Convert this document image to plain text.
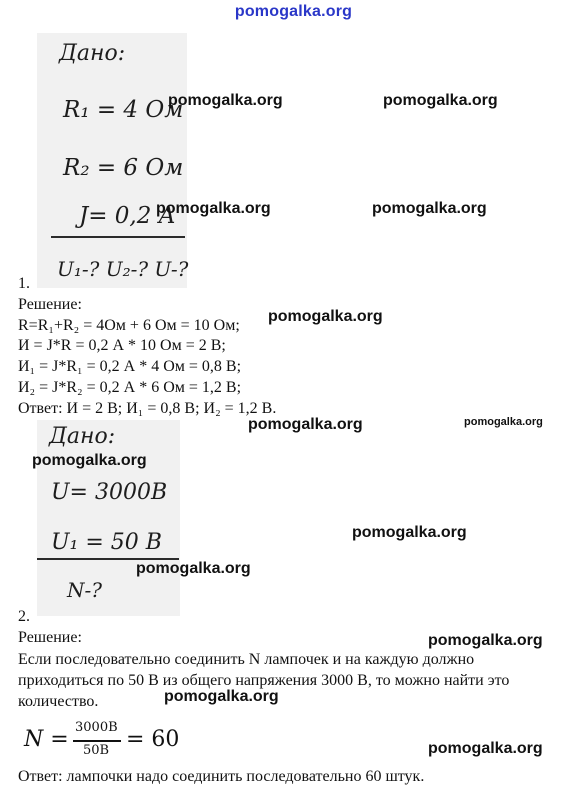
pomogalka.org
Дано:
R₁ = 4 Ом
R₂ = 6 Ом
J= 0,2 A
U₁-? U₂-? U-?
1.
Решение:
R=R₁+R₂ = 4Ом + 6 Ом = 10 Ом;
И = J*R = 0,2 А * 10 Ом = 2 В;
И₁ = J*R₁ = 0,2 А * 4 Ом = 0,8 В;
И₂ = J*R₂ = 0,2 А * 6 Ом = 1,2 В;
Ответ: И = 2 В; И₁ = 0,8 В; И₂ = 1,2 В.
Дано:
U= 3000B
U₁ = 50 B
N-?
2.
Решение:
Если последовательно соединить N лампочек и на каждую должно
приходиться по 50 В из общего напряжения 3000 В, то можно найти это
количество.
N = 3000В
50В = 60
Ответ: лампочки надо соединить последовательно 60 штук.
pomogalka.org	pomogalka.org
pomogalka.org	pomogalka.org
pomogalka.org
pomogalka.org	pomogalka.org
pomogalka.org
pomogalka.org
pomogalka.org
pomogalka.org
pomogalka.org
pomogalka.org
